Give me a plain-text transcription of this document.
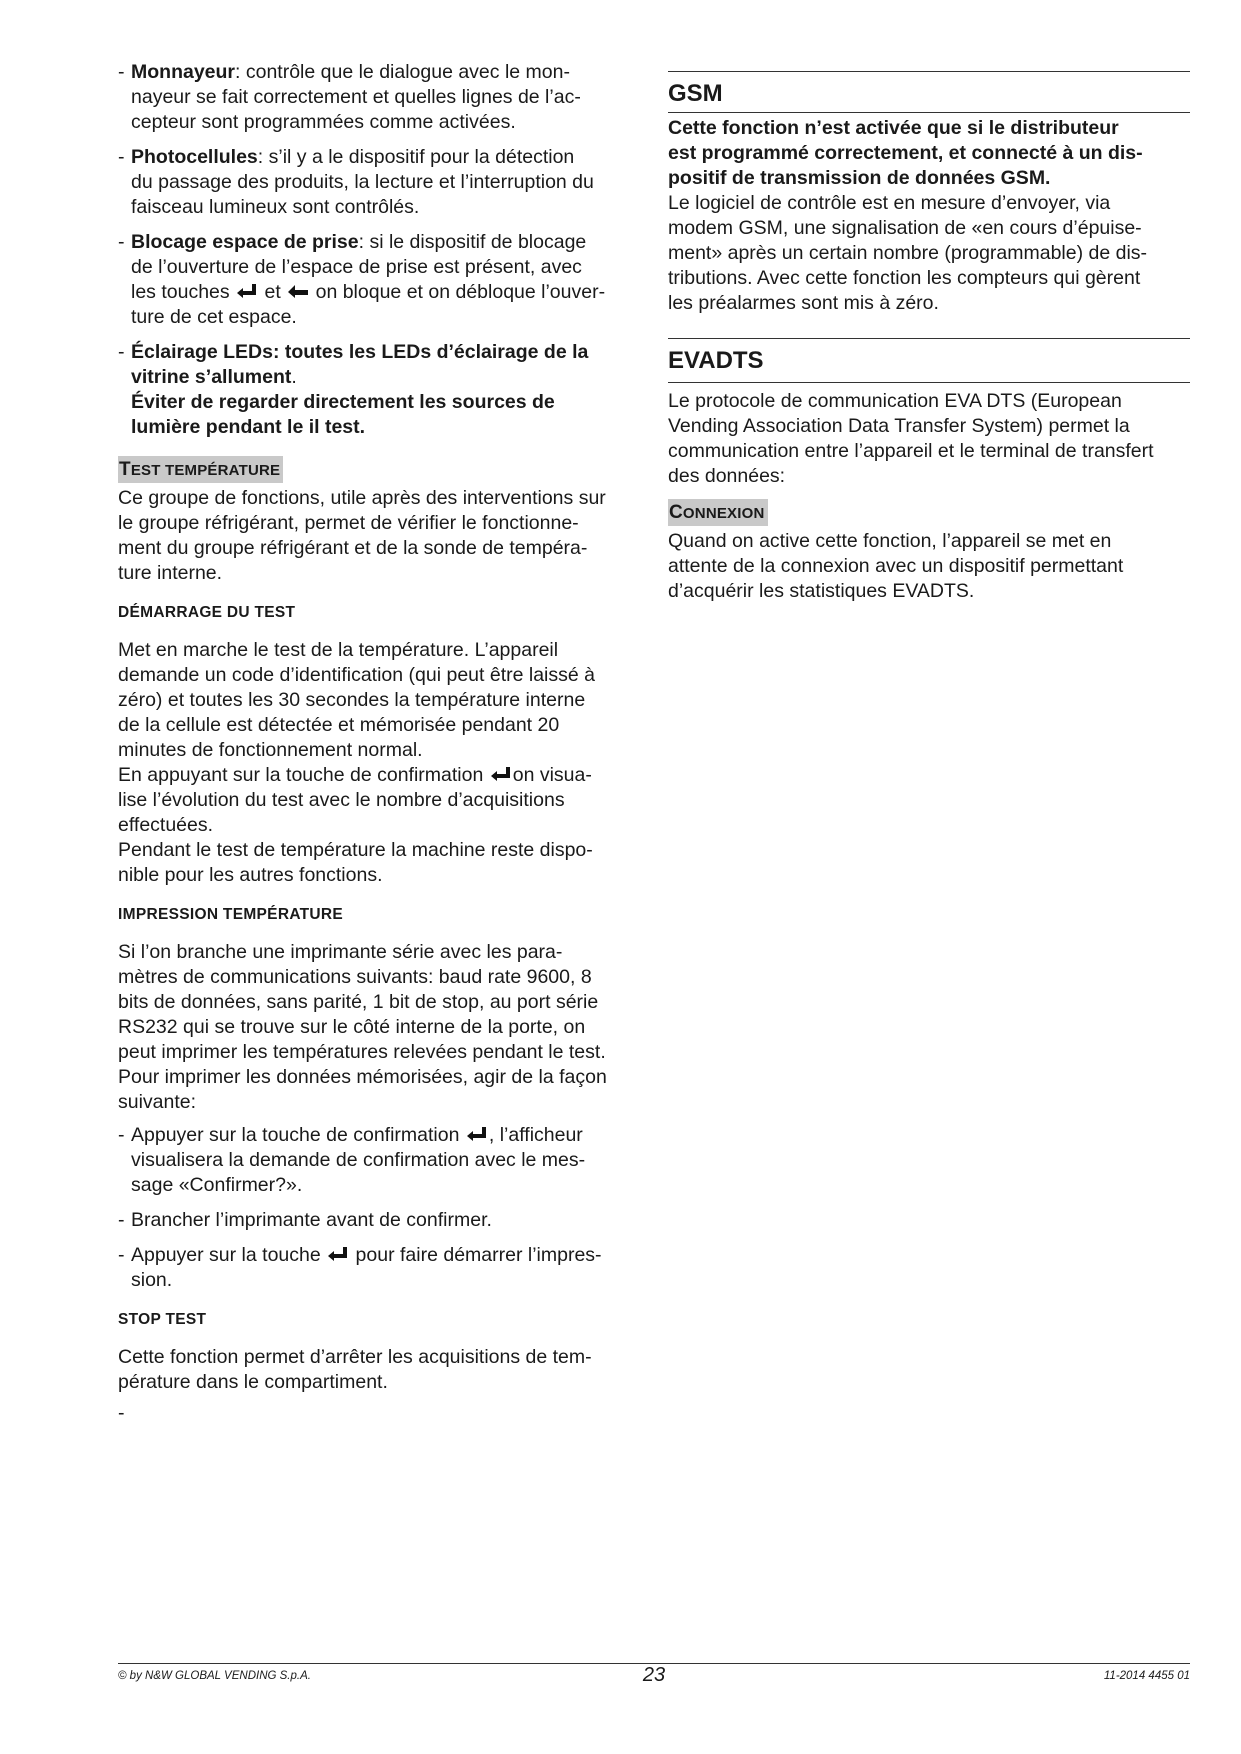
- Monnayeur: contrôle que le dialogue avec le mon-
nayeur se fait correctement et quelles lignes de l’ac-
cepteur sont programmées comme activées.
- Photocellules: s’il y a le dispositif pour la détection
du passage des produits, la lecture et l’interruption du
faisceau lumineux sont contrôlés.
- Blocage espace de prise: si le dispositif de blocage
de l’ouverture de l’espace de prise est présent, avec
les touches et on bloque et on débloque l’ouver-
ture de cet espace.
- Éclairage LEDs: toutes les LEDs d’éclairage de la
vitrine s’allument.
Éviter de regarder directement les sources de
lumière pendant le il test.
TEST TEMPÉRATURE

Ce groupe de fonctions, utile après des interventions sur
le groupe réfrigérant, permet de vérifier le fonctionne-
ment du groupe réfrigérant et de la sonde de tempéra-
ture interne.

DÉMARRAGE DU TEST

Met en marche le test de la température. L’appareil
demande un code d’identification (qui peut être laissé à
zéro) et toutes les 30 secondes la température interne
de la cellule est détectée et mémorisée pendant 20
minutes de fonctionnement normal.

En appuyant sur la touche de confirmation on visua-
lise l’évolution du test avec le nombre d’acquisitions
effectuées.

Pendant le test de température la machine reste dispo-
nible pour les autres fonctions.

IMPRESSION TEMPÉRATURE

Si l’on branche une imprimante série avec les para-
mètres de communications suivants: baud rate 9600, 8
bits de données, sans parité, 1 bit de stop, au port série
RS232 qui se trouve sur le côté interne de la porte, on
peut imprimer les températures relevées pendant le test.
Pour imprimer les données mémorisées, agir de la façon
suivante:

- Appuyer sur la touche de confirmation , l’afficheur
visualisera la demande de confirmation avec le mes-
sage «Confirmer?».
- Brancher l’imprimante avant de confirmer.
- Appuyer sur la touche pour faire démarrer l’impres-
sion.
STOP TEST

Cette fonction permet d’arrêter les acquisitions de tem-
pérature dans le compartiment.

-

GSM

Cette fonction n’est activée que si le distributeur
est programmé correctement, et connecté à un dis-
positif de transmission de données GSM.

Le logiciel de contrôle est en mesure d’envoyer, via
modem GSM, une signalisation de «en cours d’épuise-
ment» après un certain nombre (programmable) de dis-
tributions. Avec cette fonction les compteurs qui gèrent
les préalarmes sont mis à zéro.

EVADTS

Le protocole de communication EVA DTS (European
Vending Association Data Transfer System) permet la
communication entre l’appareil et le terminal de transfert
des données:

CONNEXION

Quand on active cette fonction, l’appareil se met en
attente de la connexion avec un dispositif permettant
d’acquérir les statistiques EVADTS.

© by N&W GLOBAL VENDING S.p.A.	23	11-2014 4455 01
